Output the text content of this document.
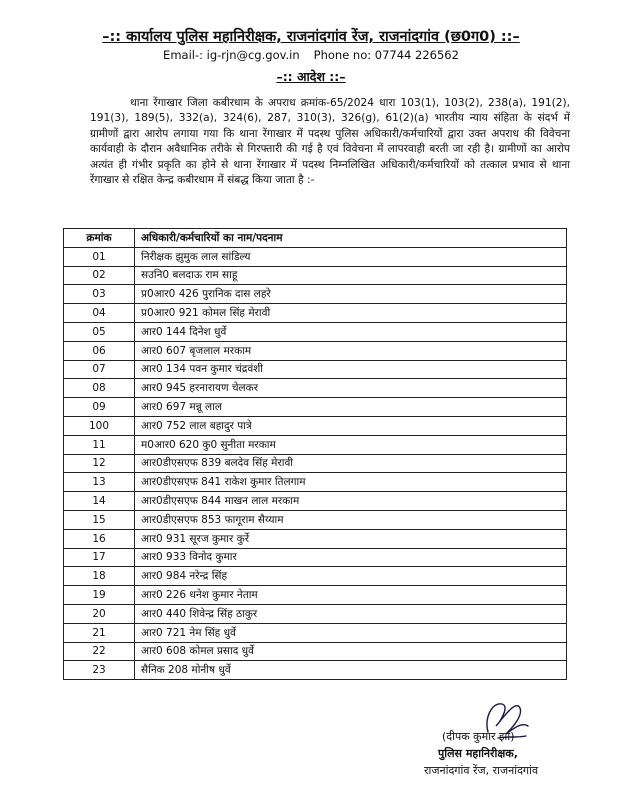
–:: कार्यालय पुलिस महानिरीक्षक, राजनांदगांव रेंज, राजनांदगांव (छ0ग0) ::–
Email-: ig-rjn@cg.gov.in Phone no: 07744 226562
–:: आदेश ::–
थाना रेंगाखार जिला कबीरधाम के अपराध क्रमांक-65/2024 धारा 103(1), 103(2), 238(a), 191(2), 191(3), 189(5), 332(a), 324(6), 287, 310(3), 326(g), 61(2)(a) भारतीय न्याय संहिता के संदर्भ में ग्रामीणों द्वारा आरोप लगाया गया कि थाना रेंगाखार में पदस्थ पुलिस अधिकारी/कर्मचारियों द्वारा उक्त अपराध की विवेचना कार्यवाही के दौरान अवैधानिक तरीके से गिरफ्तारी की गई है एवं विवेचना में लापरवाही बरती जा रही है। ग्रामीणों का आरोप अत्यंत ही गंभीर प्रकृति का होने से थाना रेंगाखार में पदस्थ निम्नलिखित अधिकारी/कर्मचारियों को तत्काल प्रभाव से थाना रेंगाखार से रक्षित केन्द्र कबीरधाम में संबद्ध किया जाता है :-
क्रमांक	अधिकारी/कर्मचारियों का नाम/पदनाम
01	निरीक्षक झुमुक लाल सांडिल्य
02	सउनि0 बलदाऊ राम साहू
03	प्र0आर0 426 पुरानिक दास लहरे
04	प्र0आर0 921 कोमल सिंह मेरावी
05	आर0 144 दिनेश धुर्वे
06	आर0 607 बृजलाल मरकाम
07	आर0 134 पवन कुमार चंद्रवंशी
08	आर0 945 हरनारायण चेलकर
09	आर0 697 मन्नू लाल
100	आर0 752 लाल बहादुर पात्रे
11	म0आर0 620 कु0 सुनीता मरकाम
12	आर0डीएसएफ 839 बलदेव सिंह मेरावी
13	आर0डीएसएफ 841 राकेश कुमार तिलगाम
14	आर0डीएसएफ 844 माखन लाल मरकाम
15	आर0डीएसएफ 853 फागूराम सैय्याम
16	आर0 931 सूरज कुमार कुर्रे
17	आर0 933 विनोद कुमार
18	आर0 984 नरेन्द्र सिंह
19	आर0 226 धनेश कुमार नेताम
20	आर0 440 शिवेन्द्र सिंह ठाकुर
21	आर0 721 नेम सिंह धुर्वे
22	आर0 608 कोमल प्रसाद धुर्वे
23	सैनिक 208 मोनीष धुर्वे
(दीपक कुमार झा)
पुलिस महानिरीक्षक,
राजनांदगांव रेंज, राजनांदगांव
